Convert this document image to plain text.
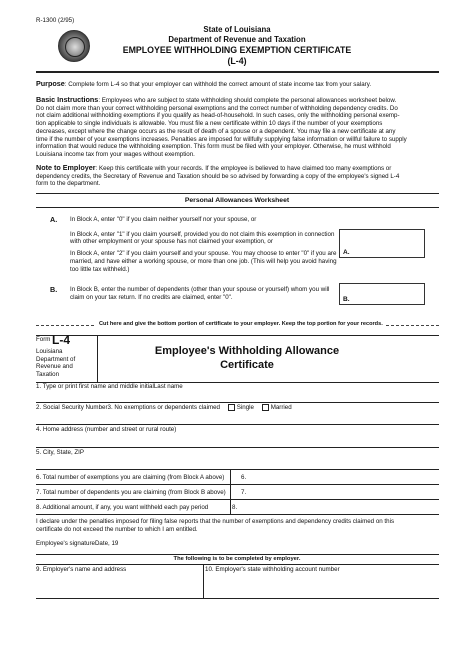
R-1300 (2/95)
State of Louisiana
Department of Revenue and Taxation
EMPLOYEE WITHHOLDING EXEMPTION CERTIFICATE
(L-4)
Purpose: Complete form L-4 so that your employer can withhold the correct amount of state income tax from your salary.
Basic Instructions: Employees who are subject to state withholding should complete the personal allowances worksheet below.
Do not claim more than your correct withholding personal exemptions and the correct number of withholding dependency credits. Do
not claim additional withholding exemptions if you qualify as head-of-household. In such cases, only the withholding personal exemp-
tion applicable to single individuals is allowable. You must file a new certificate within 10 days if the number of your exemptions
decreases, except where the change occurs as the result of death of a spouse or a dependent. You may file a new certificate at any
time if the number of your exemptions increases. Penalties are imposed for willfully supplying false information or willful failure to supply
information that would reduce the withholding exemption. This form must be filed with your employer. Otherwise, he must withhold
Louisiana income tax from your wages without exemption.
Note to Employer: Keep this certificate with your records. If the employee is believed to have claimed too many exemptions or
dependency credits, the Secretary of Revenue and Taxation should be so advised by forwarding a copy of the employee's signed L-4
form to the department.
Personal Allowances Worksheet
A. In Block A, enter "0" if you claim neither yourself nor your spouse, or
In Block A, enter "1" if you claim yourself, provided you do not claim this exemption in connection
with other employment or your spouse has not claimed your exemption, or
In Block A, enter "2" if you claim yourself and your spouse. You may choose to enter "0" if you are
married, and have either a working spouse, or more than one job. (This will help you avoid having
too little tax withheld.)
A.
B. In Block B, enter the number of dependents (other than your spouse or yourself) whom you will
claim on your tax return. If no credits are claimed, enter "0".	B.
Cut here and give the bottom portion of certificate to your employer. Keep the top portion for your records.
Form L-4
Louisiana
Department of
Revenue and
Taxation
Employee's Withholding Allowance
Certificate
1. Type or print first name and middle initialLast name
2. Social Security Number3. No exemptions or dependents claimed	Single	Married
4. Home address (number and street or rural route)
5. City, State, ZIP
6. Total number of exemptions you are claiming (from Block A above)	6.
7. Total number of dependents you are claiming (from Block B above) 7.
8. Additional amount, if any, you want withheld each pay period	8.
I declare under the penalties imposed for filing false reports that the number of exemptions and dependency credits claimed on this
certificate do not exceed the number to which I am entitled.
Employee's signatureDate, 19
The following is to be completed by employer.
9. Employer's name and address	10. Employer's state withholding account number
